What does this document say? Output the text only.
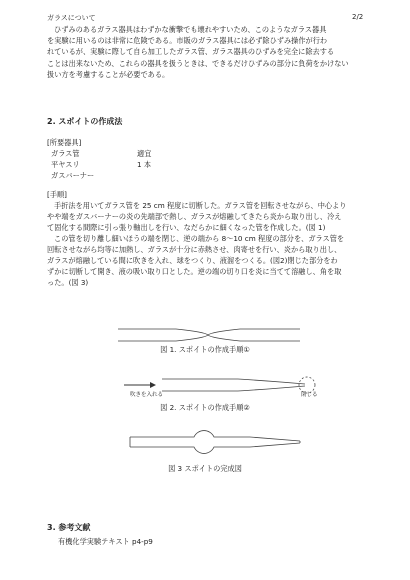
ガラスについて	2/2

ひずみのあるガラス器具はわずかな衝撃でも壊れやすいため、このようなガラス器具

を実験に用いるのは非常に危険である。市販のガラス器具には必ず除ひずみ操作が行わ

れているが、実験に際して自ら加工したガラス管、ガラス器具のひずみを完全に除去する

ことは出来ないため、これらの器具を扱うときは、できるだけひずみの部分に負荷をかけない

扱い方を考慮することが必要である。

2. スポイトの作成法
[所要器具]
ガラス管	適宜
平ヤスリ	1 本
ガスバーナー
[手順]
手折法を用いてガラス管を 25 cm 程度に切断した。ガラス管を回転させながら、中心より
やや端をガスバーナーの炎の先端部で熱し、ガラスが熔融してきたら炎から取り出し、冷え
て固化する間際に引っ張り軸出しを行い、なだらかに細くなった管を作成した。(図 1)
この管を切り離し細いほうの端を閉じ、逆の端から 8〜10 cm 程度の部分を、ガラス管を
回転させながら均等に加熱し、ガラスが十分に赤熱させ、肉寄せを行い、炎から取り出し、
ガラスが熔融している間に吹きを入れ、球をつくり、液溜をつくる。(図2)閉じた部分をわ
ずかに切断して開き、液の吸い取り口とした。逆の端の切り口を炎に当てて溶融し、角を取
った。(図 3)
図 1. スポイトの作成手順①
吹きを入れる	閉じる
図 2. スポイトの作成手順②
図 3 スポイトの完成図
3. 参考文献
有機化学実験テキスト p4-p9
